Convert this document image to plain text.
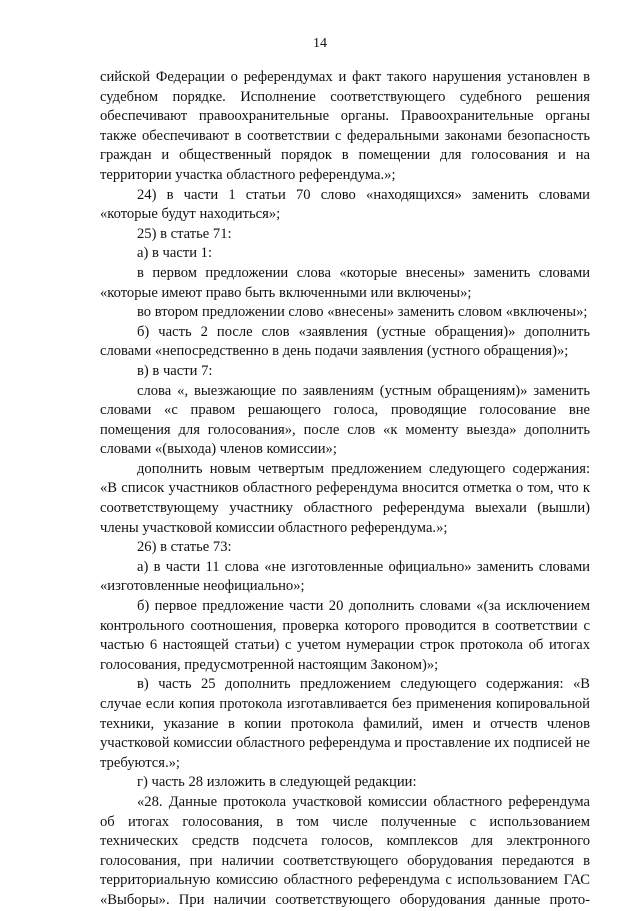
14

сийской Федерации о референдумах и факт такого нарушения установлен в судебном порядке. Исполнение соответствующего судебного решения обеспечивают правоохранительные органы. Правоохранительные органы также обеспечивают в соответствии с федеральными законами безопасность граждан и общественный порядок в помещении для голосования и на территории участка областного референдума.»;

24) в части 1 статьи 70 слово «находящихся» заменить словами «которые будут находиться»;

25) в статье 71:

а) в части 1:

в первом предложении слова «которые внесены» заменить словами «которые имеют право быть включенными или включены»;

во втором предложении слово «внесены» заменить словом «включены»;

б) часть 2 после слов «заявления (устные обращения)» дополнить словами «непосредственно в день подачи заявления (устного обращения)»;

в) в части 7:

слова «, выезжающие по заявлениям (устным обращениям)» заменить словами «с правом решающего голоса, проводящие голосование вне помещения для голосования», после слов «к моменту выезда» дополнить словами «(выхода) членов комиссии»;

дополнить новым четвертым предложением следующего содержания: «В список участников областного референдума вносится отметка о том, что к соответствующему участнику областного референдума выехали (вышли) члены участковой комиссии областного референдума.»;

26) в статье 73:

а) в части 11 слова «не изготовленные официально» заменить словами «изготовленные неофициально»;

б) первое предложение части 20 дополнить словами «(за исключением контрольного соотношения, проверка которого проводится в соответствии с частью 6 настоящей статьи) с учетом нумерации строк протокола об итогах голосования, предусмотренной настоящим Законом)»;

в) часть 25 дополнить предложением следующего содержания: «В случае если копия протокола изготавливается без применения копировальной техники, указание в копии протокола фамилий, имен и отчеств членов участковой комиссии областного референдума и проставление их подписей не требуются.»;

г) часть 28 изложить в следующей редакции:

«28. Данные протокола участковой комиссии областного референдума об итогах голосования, в том числе полученные с использованием технических средств подсчета голосов, комплексов для электронного голосования, при наличии соответствующего оборудования передаются в территориальную комиссию областного референдума с использованием ГАС «Выборы». При наличии соответствующего оборудования данные прото-
